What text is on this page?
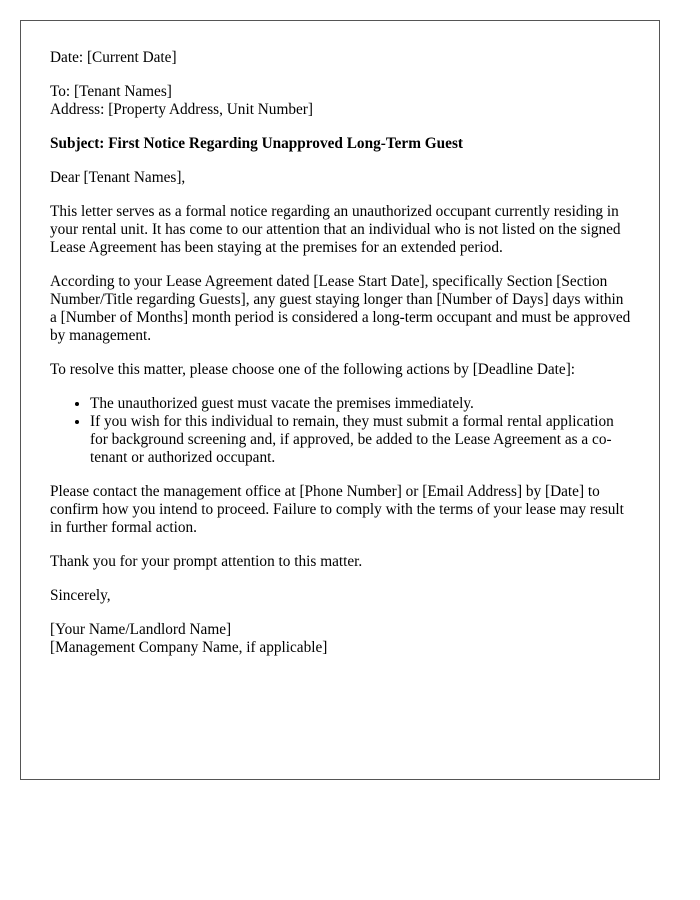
Date: [Current Date]

To: [Tenant Names]

Address: [Property Address, Unit Number]

Subject: First Notice Regarding Unapproved Long-Term Guest

Dear [Tenant Names],

This letter serves as a formal notice regarding an unauthorized occupant currently residing in your rental unit. It has come to our attention that an individual who is not listed on the signed Lease Agreement has been staying at the premises for an extended period.

According to your Lease Agreement dated [Lease Start Date], specifically Section [Section Number/Title regarding Guests], any guest staying longer than [Number of Days] days within a [Number of Months] month period is considered a long-term occupant and must be approved by management.

To resolve this matter, please choose one of the following actions by [Deadline Date]:

• The unauthorized guest must vacate the premises immediately.
• If you wish for this individual to remain, they must submit a formal rental application for background screening and, if approved, be added to the Lease Agreement as a co-tenant or authorized occupant.

Please contact the management office at [Phone Number] or [Email Address] by [Date] to confirm how you intend to proceed. Failure to comply with the terms of your lease may result in further formal action.

Thank you for your prompt attention to this matter.

Sincerely,

[Your Name/Landlord Name]

[Management Company Name, if applicable]
